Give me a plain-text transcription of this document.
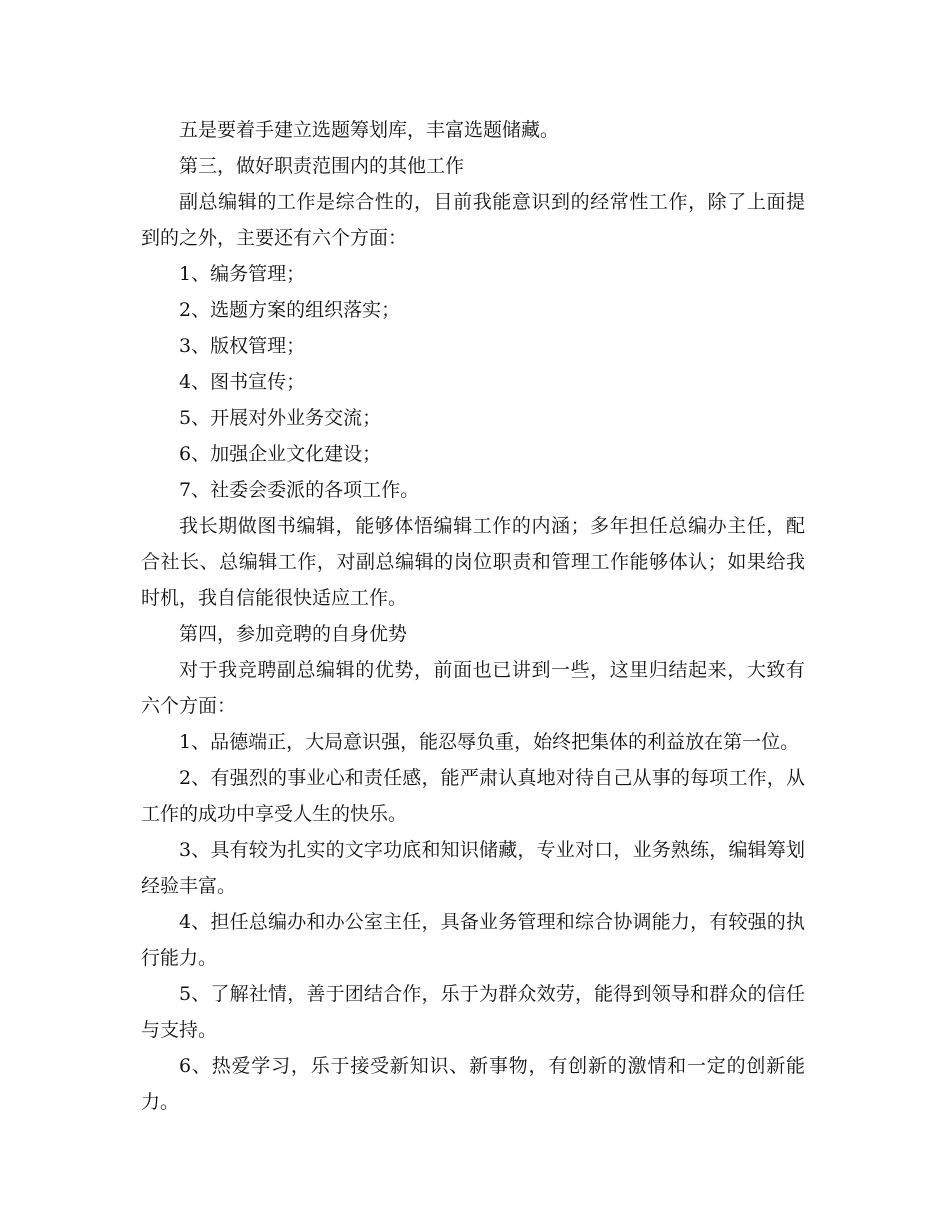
五是要着手建立选题筹划库，丰富选题储藏。

第三，做好职责范围内的其他工作

副总编辑的工作是综合性的，目前我能意识到的经常性工作，除了上面提到的之外，主要还有六个方面：

1、编务管理；

2、选题方案的组织落实；

3、版权管理；

4、图书宣传；

5、开展对外业务交流；

6、加强企业文化建设；

7、社委会委派的各项工作。

我长期做图书编辑，能够体悟编辑工作的内涵；多年担任总编办主任，配合社长、总编辑工作，对副总编辑的岗位职责和管理工作能够体认；如果给我时机，我自信能很快适应工作。

第四，参加竞聘的自身优势

对于我竞聘副总编辑的优势，前面也已讲到一些，这里归结起来，大致有六个方面：

1、品德端正，大局意识强，能忍辱负重，始终把集体的利益放在第一位。

2、有强烈的事业心和责任感，能严肃认真地对待自己从事的每项工作，从工作的成功中享受人生的快乐。

3、具有较为扎实的文字功底和知识储藏，专业对口，业务熟练，编辑筹划经验丰富。

4、担任总编办和办公室主任，具备业务管理和综合协调能力，有较强的执行能力。

5、了解社情，善于团结合作，乐于为群众效劳，能得到领导和群众的信任与支持。

6、热爱学习，乐于接受新知识、新事物，有创新的激情和一定的创新能力。
